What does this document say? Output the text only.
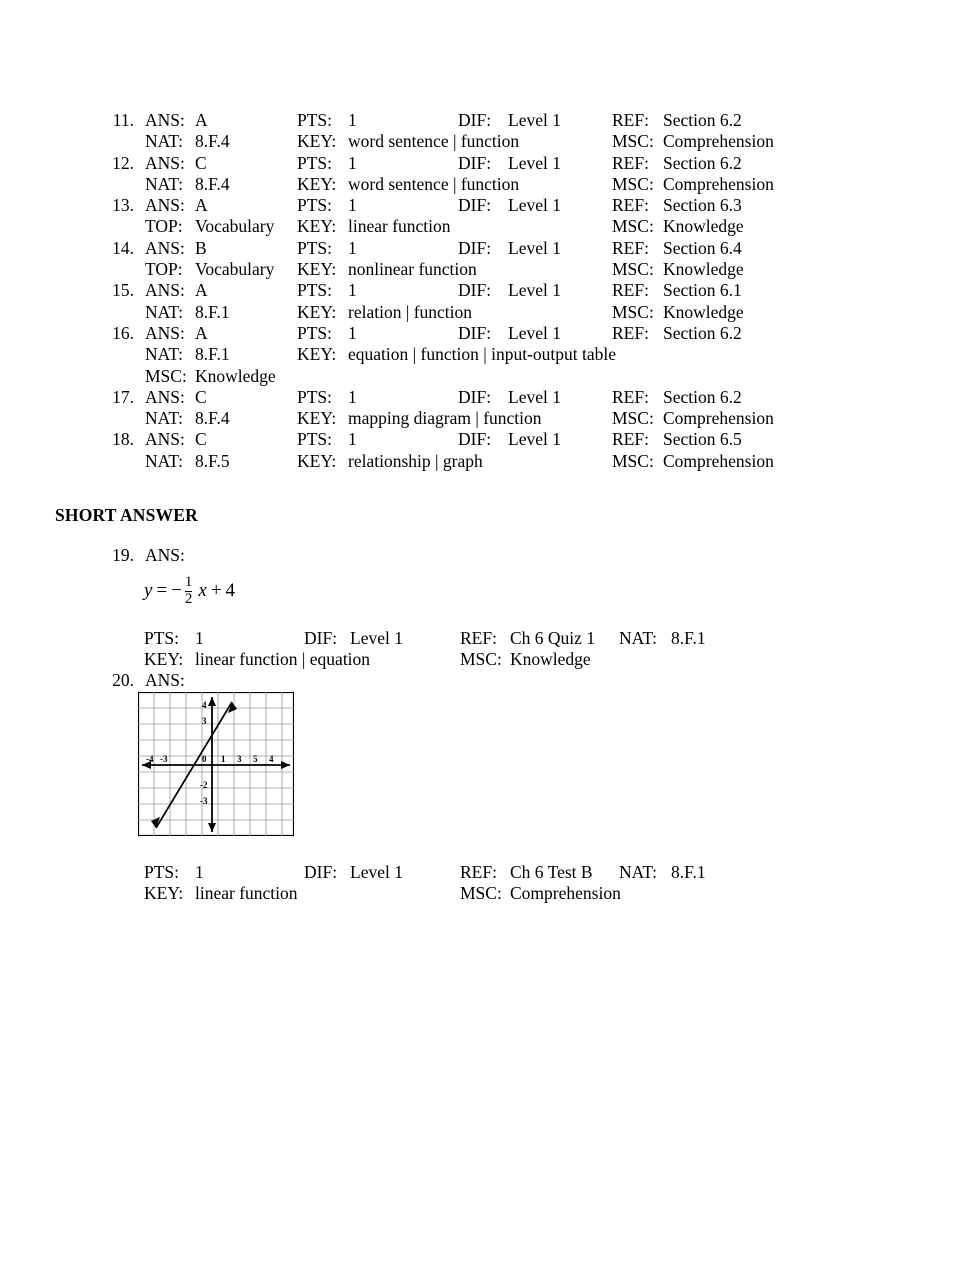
11. ANS: A	PTS: 1	DIF: Level 1	REF: Section 6.2
NAT: 8.F.4	KEY: word sentence | function	MSC: Comprehension
12. ANS: C	PTS: 1	DIF: Level 1	REF: Section 6.2
NAT: 8.F.4	KEY: word sentence | function	MSC: Comprehension
13. ANS: A	PTS: 1	DIF: Level 1	REF: Section 6.3
TOP: Vocabulary KEY: linear function	MSC: Knowledge
14. ANS: B	PTS: 1	DIF: Level 1	REF: Section 6.4
TOP: Vocabulary KEY: nonlinear function	MSC: Knowledge
15. ANS: A	PTS: 1	DIF: Level 1	REF: Section 6.1
NAT: 8.F.1	KEY: relation | function	MSC: Knowledge
16. ANS: A	PTS: 1	DIF: Level 1	REF: Section 6.2
NAT: 8.F.1	KEY: equation | function | input-output table
MSC: Knowledge
17. ANS: C	PTS: 1	DIF: Level 1	REF: Section 6.2
NAT: 8.F.4	KEY: mapping diagram | function	MSC: Comprehension
18. ANS: C	PTS: 1	DIF: Level 1	REF: Section 6.5
NAT: 8.F.5	KEY: relationship | graph	MSC: Comprehension
SHORT ANSWER
19. ANS:
y = − $\frac{1}{2}$ x + 4
PTS: 1	DIF: Level 1	REF: Ch 6 Quiz 1 NAT: 8.F.1
KEY: linear function | equation	MSC: Knowledge
20. ANS:
-4 -3	0 1 3 5 4
4
3
-2
-3
PTS: 1	DIF: Level 1	REF: Ch 6 Test B NAT: 8.F.1
KEY: linear function	MSC: Comprehension
